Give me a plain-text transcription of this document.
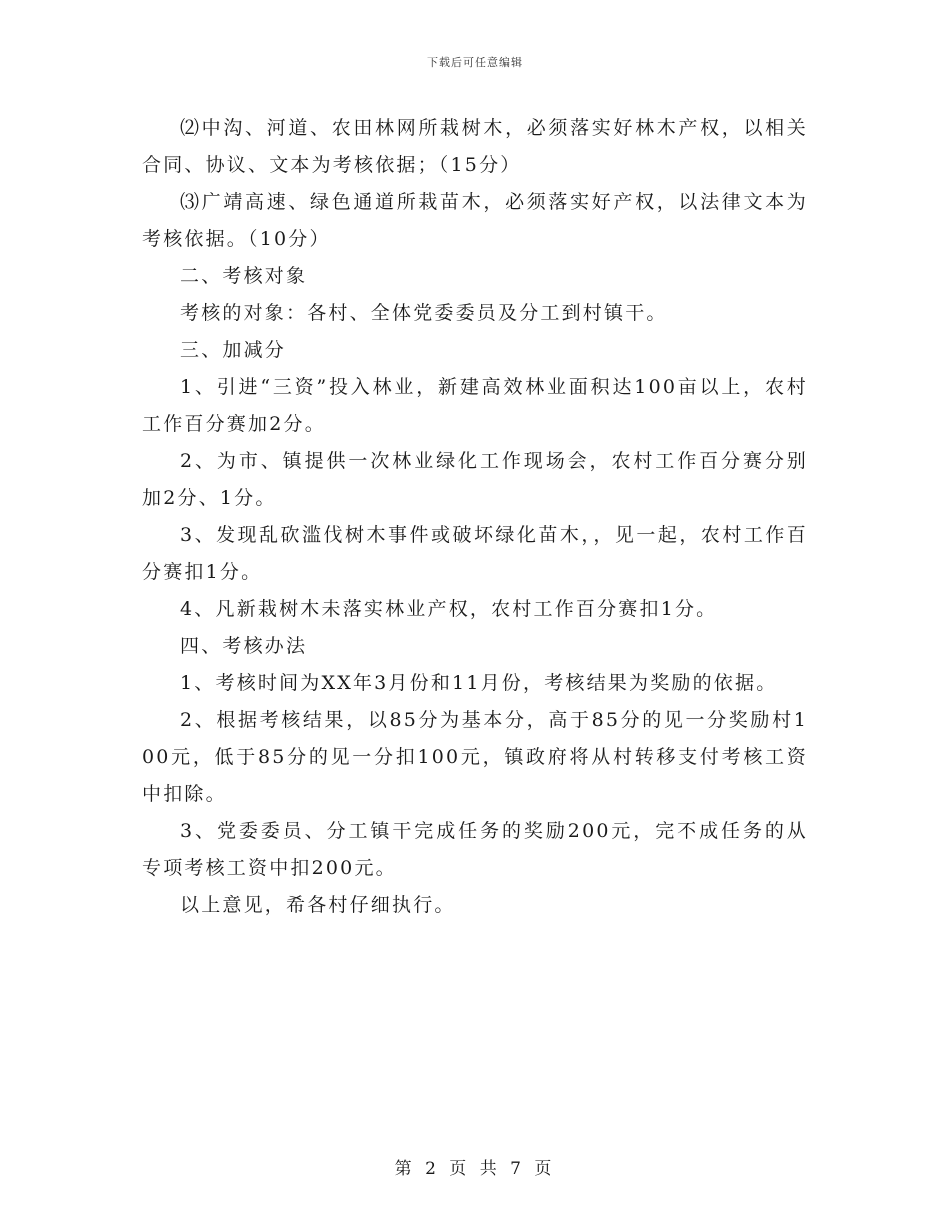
下载后可任意编辑

⑵中沟、河道、农田林网所栽树木，必须落实好林木产权，以相关合同、协议、文本为考核依据；（15分）

⑶广靖高速、绿色通道所栽苗木，必须落实好产权，以法律文本为考核依据。（10分）

二、考核对象

考核的对象：各村、全体党委委员及分工到村镇干。

三、加减分

1、引进“三资”投入林业，新建高效林业面积达100亩以上，农村工作百分赛加2分。

2、为市、镇提供一次林业绿化工作现场会，农村工作百分赛分别加2分、1分。

3、发现乱砍滥伐树木事件或破坏绿化苗木，，见一起，农村工作百分赛扣1分。

4、凡新栽树木未落实林业产权，农村工作百分赛扣1分。

四、考核办法

1、考核时间为XX年3月份和11月份，考核结果为奖励的依据。

2、根据考核结果，以85分为基本分，高于85分的见一分奖励村100元，低于85分的见一分扣100元，镇政府将从村转移支付考核工资中扣除。

3、党委委员、分工镇干完成任务的奖励200元，完不成任务的从专项考核工资中扣200元。

以上意见，希各村仔细执行。

第 2 页 共 7 页
